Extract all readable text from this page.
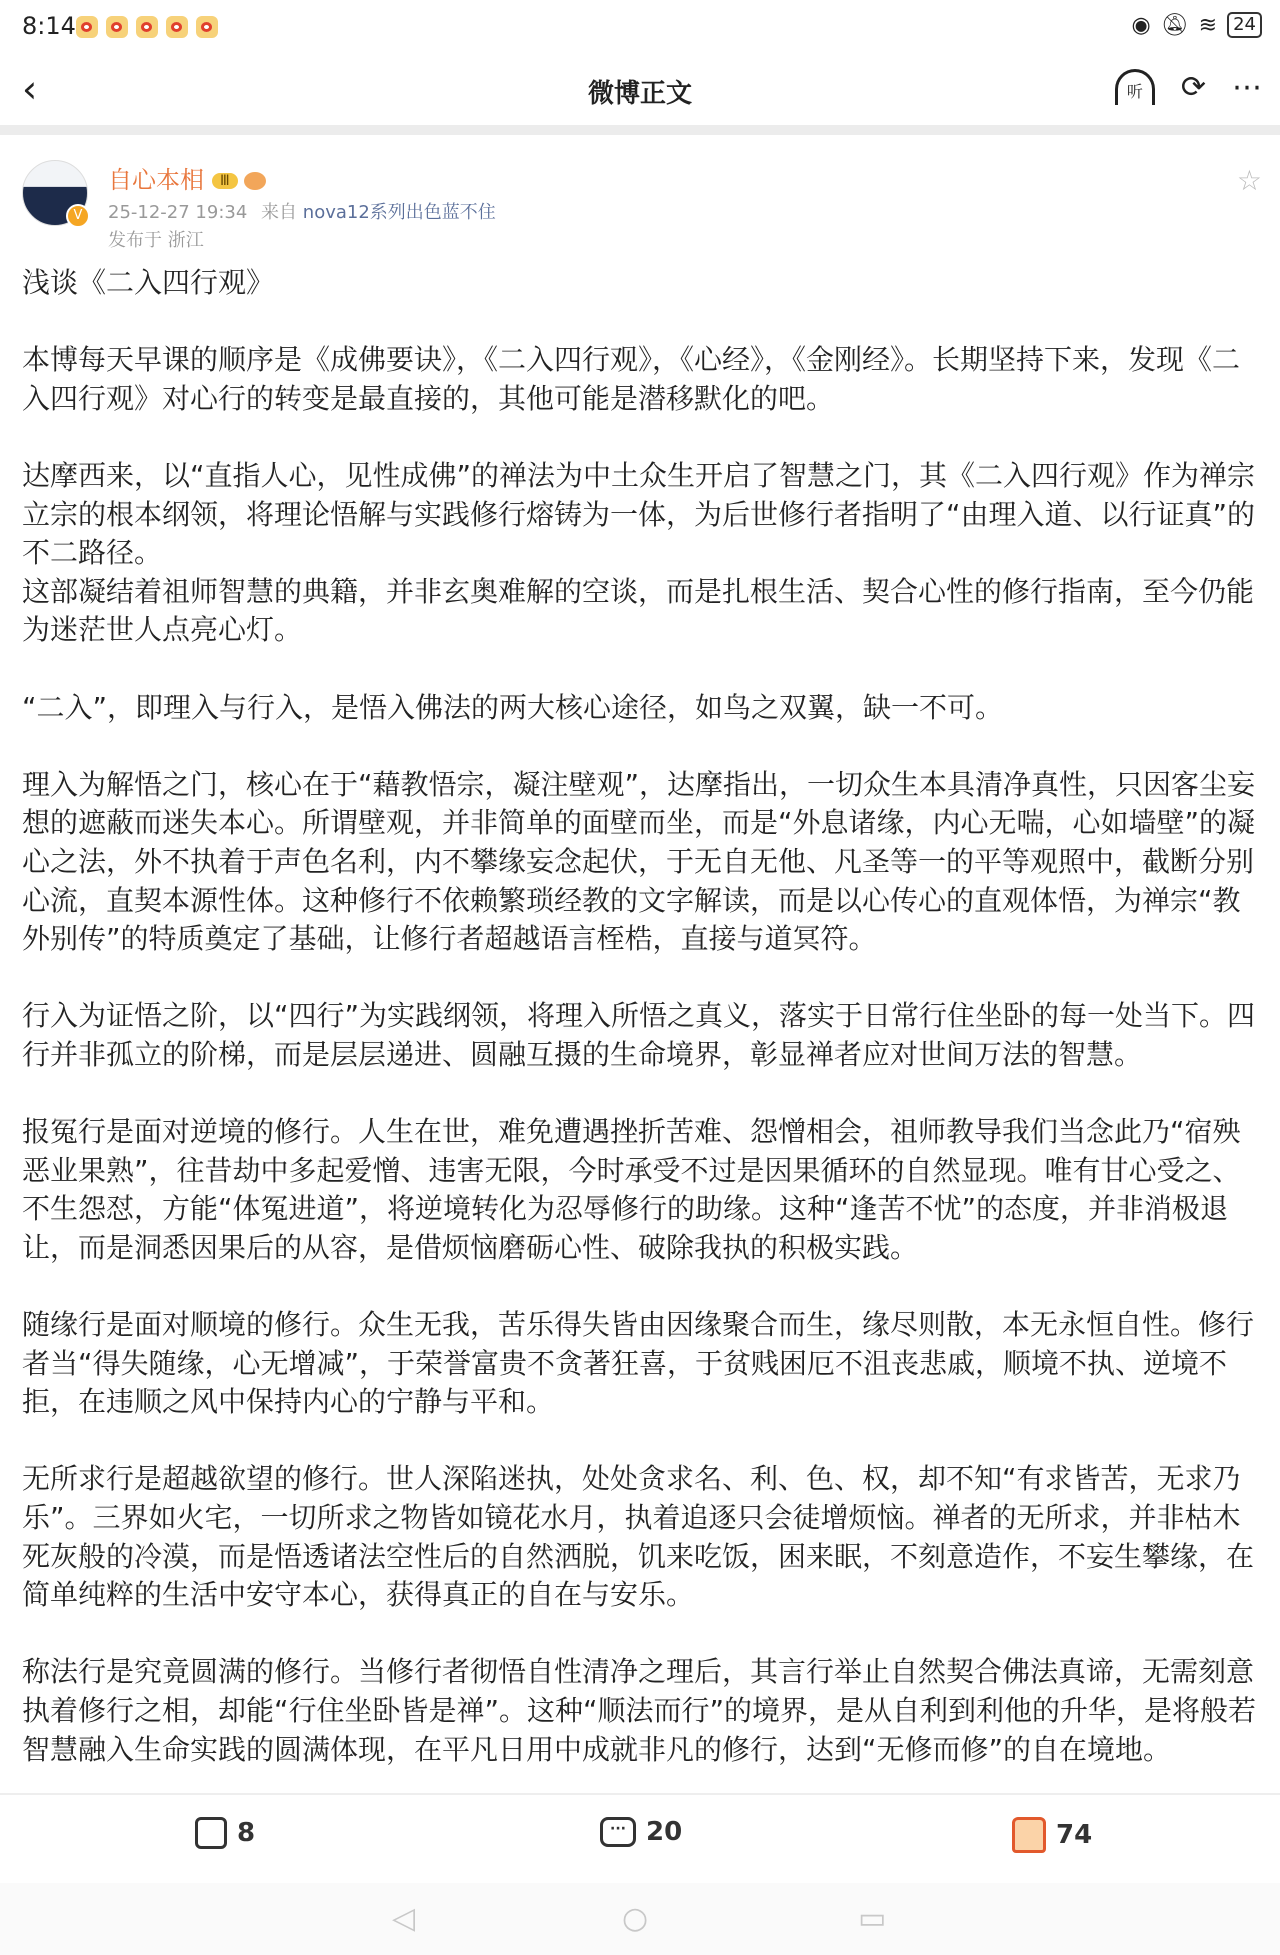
8:14	◉ 🔕︎ ≋ 24
‹	微博正文	听	⟳ ⋯
V
自心本相 Ⅲ
25-12-27 19:34 来自 nova12系列出色蓝不住
发布于 浙江
☆

浅谈《二入四行观》

本博每天早课的顺序是《成佛要诀》，《二入四行观》，《心经》，《金刚经》。长期坚持下来，发现《二入四行观》对心行的转变是最直接的，其他可能是潜移默化的吧。

达摩西来，以“直指人心，见性成佛”的禅法为中土众生开启了智慧之门，其《二入四行观》作为禅宗立宗的根本纲领，将理论悟解与实践修行熔铸为一体，为后世修行者指明了“由理入道、以行证真”的不二路径。

这部凝结着祖师智慧的典籍，并非玄奥难解的空谈，而是扎根生活、契合心性的修行指南，至今仍能为迷茫世人点亮心灯。

“二入”，即理入与行入，是悟入佛法的两大核心途径，如鸟之双翼，缺一不可。

理入为解悟之门，核心在于“藉教悟宗，凝注壁观”，达摩指出，一切众生本具清净真性，只因客尘妄想的遮蔽而迷失本心。所谓壁观，并非简单的面壁而坐，而是“外息诸缘，内心无喘，心如墙壁”的凝心之法，外不执着于声色名利，内不攀缘妄念起伏，于无自无他、凡圣等一的平等观照中，截断分别心流，直契本源性体。这种修行不依赖繁琐经教的文字解读，而是以心传心的直观体悟，为禅宗“教外别传”的特质奠定了基础，让修行者超越语言桎梏，直接与道冥符。

行入为证悟之阶，以“四行”为实践纲领，将理入所悟之真义，落实于日常行住坐卧的每一处当下。四行并非孤立的阶梯，而是层层递进、圆融互摄的生命境界，彰显禅者应对世间万法的智慧。

报冤行是面对逆境的修行。人生在世，难免遭遇挫折苦难、怨憎相会，祖师教导我们当念此乃“宿殃恶业果熟”，往昔劫中多起爱憎、违害无限，今时承受不过是因果循环的自然显现。唯有甘心受之、不生怨怼，方能“体冤进道”，将逆境转化为忍辱修行的助缘。这种“逢苦不忧”的态度，并非消极退让，而是洞悉因果后的从容，是借烦恼磨砺心性、破除我执的积极实践。

随缘行是面对顺境的修行。众生无我，苦乐得失皆由因缘聚合而生，缘尽则散，本无永恒自性。修行者当“得失随缘，心无增减”，于荣誉富贵不贪著狂喜，于贫贱困厄不沮丧悲戚，顺境不执、逆境不拒，在违顺之风中保持内心的宁静与平和。

无所求行是超越欲望的修行。世人深陷迷执，处处贪求名、利、色、权，却不知“有求皆苦，无求乃乐”。三界如火宅，一切所求之物皆如镜花水月，执着追逐只会徒增烦恼。禅者的无所求，并非枯木死灰般的冷漠，而是悟透诸法空性后的自然洒脱，饥来吃饭，困来眠，不刻意造作，不妄生攀缘，在简单纯粹的生活中安守本心，获得真正的自在与安乐。

称法行是究竟圆满的修行。当修行者彻悟自性清净之理后，其言行举止自然契合佛法真谛，无需刻意执着修行之相，却能“行住坐卧皆是禅”。这种“顺法而行”的境界，是从自利到利他的升华，是将般若智慧融入生命实践的圆满体现，在平凡日用中成就非凡的修行，达到“无修而修”的自在境地。

8	··· 20	74
◁	○	▭
